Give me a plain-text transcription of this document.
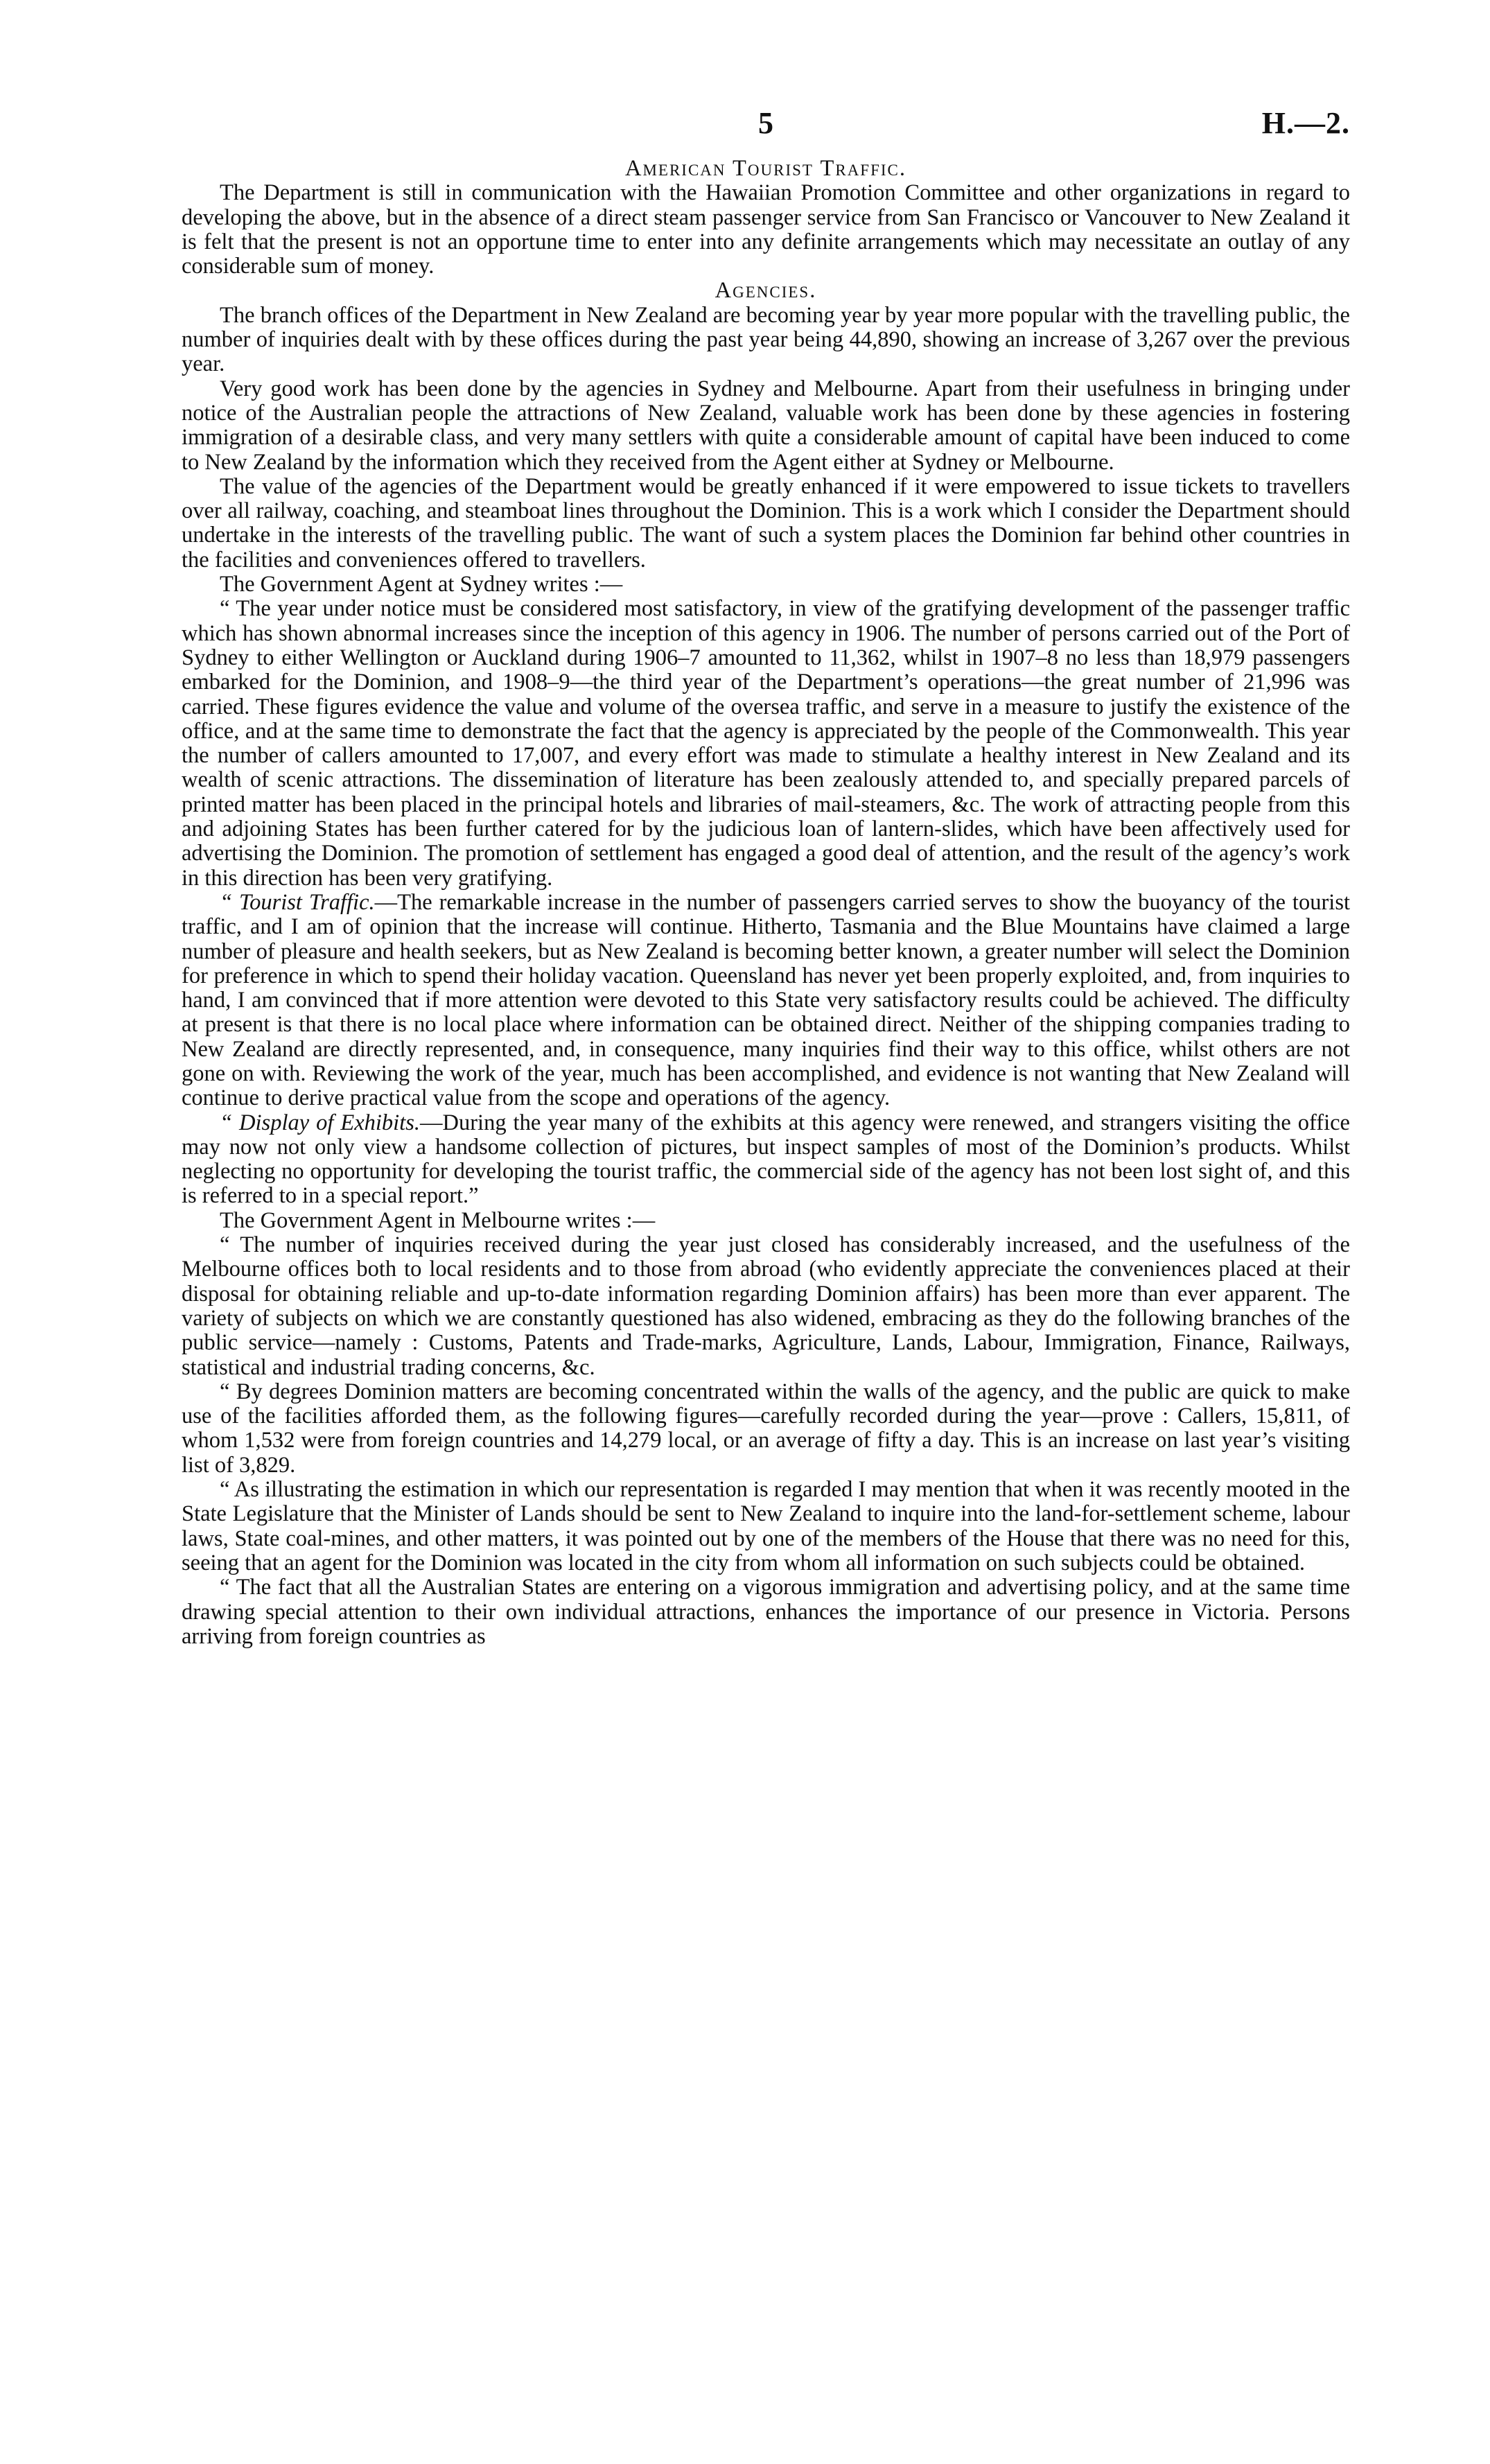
5	H.—2.
American Tourist Traffic.

The Department is still in communication with the Hawaiian Promotion Committee and other organizations in regard to developing the above, but in the absence of a direct steam passenger service from San Francisco or Vancouver to New Zealand it is felt that the present is not an opportune time to enter into any definite arrangements which may necessitate an outlay of any considerable sum of money.

Agencies.

The branch offices of the Department in New Zealand are becoming year by year more popular with the travelling public, the number of inquiries dealt with by these offices during the past year being 44,890, showing an increase of 3,267 over the previous year.

Very good work has been done by the agencies in Sydney and Melbourne. Apart from their usefulness in bringing under notice of the Australian people the attractions of New Zealand, valuable work has been done by these agencies in fostering immigration of a desirable class, and very many settlers with quite a considerable amount of capital have been induced to come to New Zealand by the information which they received from the Agent either at Sydney or Melbourne.

The value of the agencies of the Department would be greatly enhanced if it were empowered to issue tickets to travellers over all railway, coaching, and steamboat lines throughout the Dominion. This is a work which I consider the Department should undertake in the interests of the travelling public. The want of such a system places the Dominion far behind other countries in the facilities and conveniences offered to travellers.

The Government Agent at Sydney writes :—

“ The year under notice must be considered most satisfactory, in view of the gratifying development of the passenger traffic which has shown abnormal increases since the inception of this agency in 1906. The number of persons carried out of the Port of Sydney to either Wellington or Auckland during 1906–7 amounted to 11,362, whilst in 1907–8 no less than 18,979 passengers embarked for the Dominion, and 1908–9—the third year of the Department’s operations—the great number of 21,996 was carried. These figures evidence the value and volume of the oversea traffic, and serve in a measure to justify the existence of the office, and at the same time to demonstrate the fact that the agency is appreciated by the people of the Commonwealth. This year the number of callers amounted to 17,007, and every effort was made to stimulate a healthy interest in New Zealand and its wealth of scenic attractions. The dissemination of literature has been zealously attended to, and specially prepared parcels of printed matter has been placed in the principal hotels and libraries of mail-steamers, &c. The work of attracting people from this and adjoining States has been further catered for by the judicious loan of lantern-slides, which have been affectively used for advertising the Dominion. The promotion of settlement has engaged a good deal of attention, and the result of the agency’s work in this direction has been very gratifying.

“ Tourist Traffic.—The remarkable increase in the number of passengers carried serves to show the buoyancy of the tourist traffic, and I am of opinion that the increase will continue. Hitherto, Tasmania and the Blue Mountains have claimed a large number of pleasure and health seekers, but as New Zealand is becoming better known, a greater number will select the Dominion for preference in which to spend their holiday vacation. Queensland has never yet been properly exploited, and, from inquiries to hand, I am convinced that if more attention were devoted to this State very satisfactory results could be achieved. The difficulty at present is that there is no local place where information can be obtained direct. Neither of the shipping companies trading to New Zealand are directly represented, and, in consequence, many inquiries find their way to this office, whilst others are not gone on with. Reviewing the work of the year, much has been accomplished, and evidence is not wanting that New Zealand will continue to derive practical value from the scope and operations of the agency.

“ Display of Exhibits.—During the year many of the exhibits at this agency were renewed, and strangers visiting the office may now not only view a handsome collection of pictures, but inspect samples of most of the Dominion’s products. Whilst neglecting no opportunity for developing the tourist traffic, the commercial side of the agency has not been lost sight of, and this is referred to in a special report.”

The Government Agent in Melbourne writes :—

“ The number of inquiries received during the year just closed has considerably increased, and the usefulness of the Melbourne offices both to local residents and to those from abroad (who evidently appreciate the conveniences placed at their disposal for obtaining reliable and up-to-date information regarding Dominion affairs) has been more than ever apparent. The variety of subjects on which we are constantly questioned has also widened, embracing as they do the following branches of the public service—namely : Customs, Patents and Trade-marks, Agriculture, Lands, Labour, Immigration, Finance, Railways, statistical and industrial trading concerns, &c.

“ By degrees Dominion matters are becoming concentrated within the walls of the agency, and the public are quick to make use of the facilities afforded them, as the following figures—carefully recorded during the year—prove : Callers, 15,811, of whom 1,532 were from foreign countries and 14,279 local, or an average of fifty a day. This is an increase on last year’s visiting list of 3,829.

“ As illustrating the estimation in which our representation is regarded I may mention that when it was recently mooted in the State Legislature that the Minister of Lands should be sent to New Zealand to inquire into the land-for-settlement scheme, labour laws, State coal-mines, and other matters, it was pointed out by one of the members of the House that there was no need for this, seeing that an agent for the Dominion was located in the city from whom all information on such subjects could be obtained.

“ The fact that all the Australian States are entering on a vigorous immigration and advertising policy, and at the same time drawing special attention to their own individual attractions, enhances the importance of our presence in Victoria. Persons arriving from foreign countries as
